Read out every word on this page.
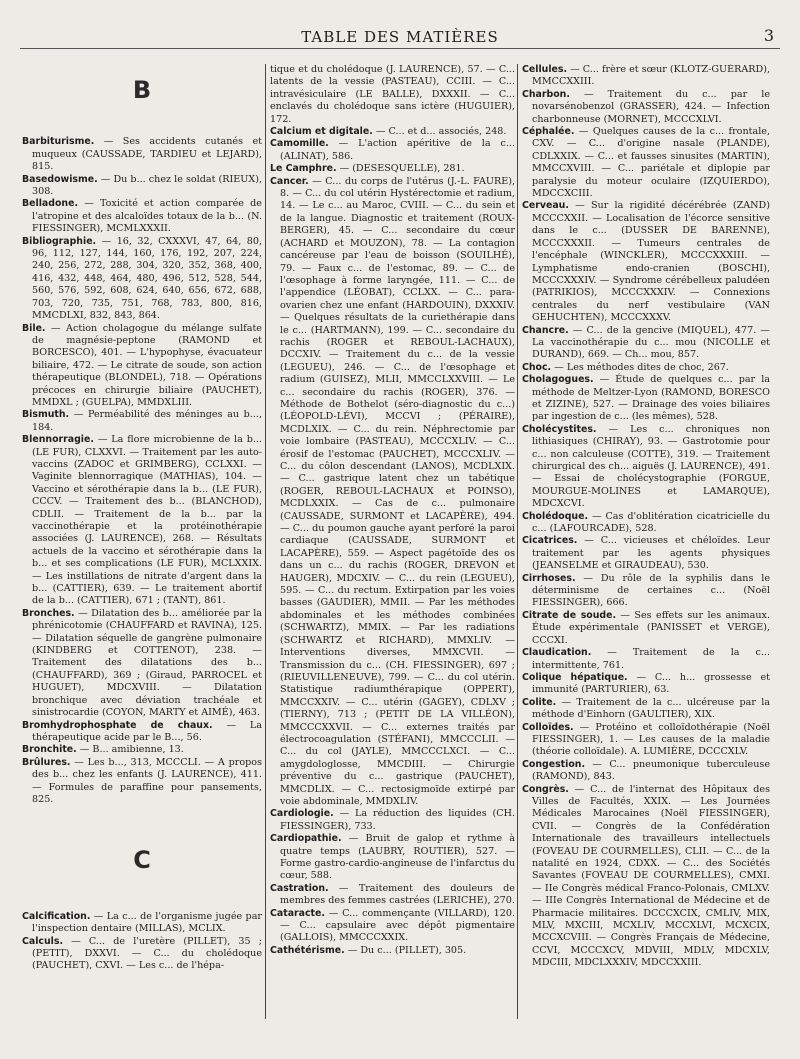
TABLE DES MATIÈRES	3
B

Barbiturisme. — Ses accidents cutanés et muqueux (CAUSSADE, TARDIEU et LEJARD), 815.

Basedowisme. — Du b... chez le soldat (RIEUX), 308.

Belladone. — Toxicité et action comparée de l'atropine et des alcaloïdes totaux de la b... (N. FIESSINGER), MCMLXXXII.

Bibliographie. — 16, 32, CXXXVI, 47, 64, 80, 96, 112, 127, 144, 160, 176, 192, 207, 224, 240, 256, 272, 288, 304, 320, 352, 368, 400, 416, 432, 448, 464, 480, 496, 512, 528, 544, 560, 576, 592, 608, 624, 640, 656, 672, 688, 703, 720, 735, 751, 768, 783, 800, 816, MMCDLXI, 832, 843, 864.

Bile. — Action cholagogue du mélange sulfate de magnésie-peptone (RAMOND et BORCESCO), 401. — L'hypophyse, évacuateur biliaire, 472. — Le citrate de soude, son action thérapeutique (BLONDEL), 718. — Opérations précoces en chirurgie biliaire (PAUCHET), MMDXL ; (GUELPA), MMDXLIII.

Bismuth. — Perméabilité des méninges au b..., 184.

Blennorragie. — La flore microbienne de la b... (LE FUR), CLXXVI. — Traitement par les auto-vaccins (ZADOC et GRIMBERG), CCLXXI. — Vaginite blennorragique (MATHIAS), 104. — Vaccino et sérothérapie dans la b... (LE FUR), CCCV. — Traitement des b... (BLANCHOD), CDLII. — Traitement de la b... par la vaccinothérapie et la protéinothérapie associées (J. LAURENCE), 268. — Résultats actuels de la vaccino et sérothérapie dans la b... et ses complications (LE FUR), MCLXXIX. — Les instillations de nitrate d'argent dans la b... (CATTIER), 639. — Le traitement abortif de la b... (CATTIER), 671 ; (TANT), 861.

Bronches. — Dilatation des b... améliorée par la phrénicotomie (CHAUFFARD et RAVINA), 125. — Dilatation séquelle de gangrène pulmonaire (KINDBERG et COTTENOT), 238. — Traitement des dilatations des b... (CHAUFFARD), 369 ; (Giraud, PARROCEL et HUGUET), MDCXVIII. — Dilatation bronchique avec déviation trachéale et sinistrocardie (COYON, MARTY et AIMÉ), 463.

Bromhydrophosphate de chaux. — La thérapeutique acide par le B..., 56.

Bronchite. — B... amibienne, 13.

Brûlures. — Les b..., 313, MCCCLI. — A propos des b... chez les enfants (J. LAURENCE), 411. — Formules de paraffine pour pansements, 825.

C

Calcification. — La c... de l'organisme jugée par l'inspection dentaire (MILLAS), MCLIX.

Calculs. — C... de l'uretère (PILLET), 35 ; (PETIT), DXXVI. — C... du cholédoque (PAUCHET), CXVI. — Les c... de l'hépa-

tique et du cholédoque (J. LAURENCE), 57. — C... latents de la vessie (PASTEAU), CCIII. — C... intravésiculaire (LE BALLE), DXXXII. — C... enclavés du cholédoque sans ictère (HUGUIER), 172.

Calcium et digitale. — C... et d... associés, 248.

Camomille. — L'action apéritive de la c... (ALINAT), 586.

Le Camphre. — (DESESQUELLE), 281.

Cancer. — C... du corps de l'utérus (J.-L. FAURE), 8. — C... du col utérin Hystérectomie et radium, 14. — Le c... au Maroc, CVIII. — C... du sein et de la langue. Diagnostic et traitement (ROUX-BERGER), 45. — C... secondaire du cœur (ACHARD et MOUZON), 78. — La contagion cancéreuse par l'eau de boisson (SOUILHÉ), 79. — Faux c... de l'estomac, 89. — C... de l'œsophage à forme laryngée, 111. — C... de l'appendice (LÉOBAT), CCLXX. — C... para-ovarien chez une enfant (HARDOUIN), DXXXIV. — Quelques résultats de la curiethérapie dans le c... (HARTMANN), 199. — C... secondaire du rachis (ROGER et REBOUL-LACHAUX), DCCXIV. — Traitement du c... de la vessie (LEGUEU), 246. — C... de l'œsophage et radium (GUISEZ), MLII, MMCCLXXVIII. — Le c... secondaire du rachis (ROGER), 376. — Méthode de Bothelot (séro-diagnostic du c...) (LÉOPOLD-LÉVI), MCCVI ; (PÉRAIRE), MCDLXIX. — C... du rein. Néphrectomie par voie lombaire (PASTEAU), MCCCXLIV. — C... érosif de l'estomac (PAUCHET), MCCCXLIV. — C... du côlon descendant (LANOS), MCDLXIX. — C... gastrique latent chez un tabétique (ROGER, REBOUL-LACHAUX et POINSO), MCDLXXIX. — Cas de c... pulmonaire (CAUSSADE, SURMONT et LACAPÈRE), 494. — C... du poumon gauche ayant perforé la paroi cardiaque (CAUSSADE, SURMONT et LACAPÈRE), 559. — Aspect pagétoïde des os dans un c... du rachis (ROGER, DREVON et HAUGER), MDCXIV. — C... du rein (LEGUEU), 595. — C... du rectum. Extirpation par les voies basses (GAUDIER), MMII. — Par les méthodes abdominales et les méthodes combinées (SCHWARTZ), MMIX. — Par les radiations (SCHWARTZ et RICHARD), MMXLIV. — Interventions diverses, MMXCVII. — Transmission du c... (CH. FIESSINGER), 697 ; (RIEUVILLENEUVE), 799. — C... du col utérin. Statistique radiumthérapique (OPPERT), MMCCXXIV. — C... utérin (GAGEY), CDLXV ; (TIERNY), 713 ; (PETIT DE LA VILLÉON), MMCCCXXVII. — C... externes traités par électrocoagulation (STÉFANI), MMCCCLII. — C... du col (JAYLE), MMCCCLXCI. — C... amygdologlosse, MMCDIII. — Chirurgie préventive du c... gastrique (PAUCHET), MMCDLIX. — C... rectosigmoïde extirpé par voie abdominale, MMDXLIV.

Cardiologie. — La réduction des liquides (CH. FIESSINGER), 733.

Cardiopathie. — Bruit de galop et rythme à quatre temps (LAUBRY, ROUTIER), 527. — Forme gastro-cardio-angineuse de l'infarctus du cœur, 588.

Castration. — Traitement des douleurs de membres des femmes castrées (LERICHE), 270.

Cataracte. — C... commençante (VILLARD), 120. — C... capsulaire avec dépôt pigmentaire (GALLOIS), MMCCCXXIX.

Cathétérisme. — Du c... (PILLET), 305.

Cellules. — C... frère et sœur (KLOTZ-GUÉRARD), MMCCXXIII.

Charbon. — Traitement du c... par le novarsénobenzol (GRASSER), 424. — Infection charbonneuse (MORNET), MCCCXLVI.

Céphalée. — Quelques causes de la c... frontale, CXV. — C... d'origine nasale (PLANDE), CDLXXIX. — C... et fausses sinusites (MARTIN), MMCCXVIII. — C... pariétale et diplopie par paralysie du moteur oculaire (IZQUIERDO), MDCCXCIII.

Cerveau. — Sur la rigidité décérébrée (ZAND) MCCCXXII. — Localisation de l'écorce sensitive dans le c... (DUSSER DE BARENNE), MCCCXXXII. — Tumeurs centrales de l'encéphale (WINCKLER), MCCCXXXIII. — Lymphatisme endo-cranien (BOSCHI), MCCCXXXIV. — Syndrome cérébelleux paludéen (PATRIKIOS), MCCCXXXIV. — Connexions centrales du nerf vestibulaire (VAN GEHUCHTEN), MCCCXXXV.

Chancre. — C... de la gencive (MIQUEL), 477. — La vaccinothérapie du c... mou (NICOLLE et DURAND), 669. — Ch... mou, 857.

Choc. — Les méthodes dites de choc, 267.

Cholagogues. — Étude de quelques c... par la méthode de Meltzer-Lyon (RAMOND, BORESCO et ZIZINE), 527. — Drainage des voies biliaires par ingestion de c... (les mêmes), 528.

Cholécystites. — Les c... chroniques non lithiasiques (CHIRAY), 93. — Gastrotomie pour c... non calculeuse (COTTE), 319. — Traitement chirurgical des ch... aiguës (J. LAURENCE), 491. — Essai de cholécystographie (FORGUE, MOURGUE-MOLINES et LAMARQUE), MDCXCVI.

Cholédoque. — Cas d'oblitération cicatricielle du c... (LAFOURCADE), 528.

Cicatrices. — C... vicieuses et chéloïdes. Leur traitement par les agents physiques (JEANSELME et GIRAUDEAU), 530.

Cirrhoses. — Du rôle de la syphilis dans le déterminisme de certaines c... (Noël FIESSINGER), 666.

Citrate de soude. — Ses effets sur les animaux. Étude expérimentale (PANISSET et VERGE), CCCXI.

Claudication. — Traitement de la c... intermittente, 761.

Colique hépatique. — C... h... grossesse et immunité (PARTURIER), 63.

Colite. — Traitement de la c... ulcéreuse par la méthode d'Einhorn (GAULTIER), XIX.

Colloïdes. — Protéino et colloïdothérapie (Noël FIESSINGER), 1. — Les causes de la maladie (théorie colloïdale). A. LUMIÈRE, DCCCXLV.

Congestion. — C... pneumonique tuberculeuse (RAMOND), 843.

Congrès. — C... de l'internat des Hôpitaux des Villes de Facultés, XXIX. — Les Journées Médicales Marocaines (Noël FIESSINGER), CVII. — Congrès de la Confédération Internationale des travailleurs intellectuels (FOVEAU DE COURMELLES), CLII. — C... de la natalité en 1924, CDXX. — C... des Sociétés Savantes (FOVEAU DE COURMELLES), CMXI. — IIe Congrès médical Franco-Polonais, CMLXV. — IIIe Congrès International de Médecine et de Pharmacie militaires. DCCCXCIX, CMLIV, MIX, MLV, MXCIII, MCXLIV, MCCXLVI, MCXCIX, MCCXCVIII. — Congrès Français de Médecine, CCVI, MCCCXCV, MDVIII, MDLV, MDCXLV, MDCIII, MDCLXXXIV, MDCCXXIII.
